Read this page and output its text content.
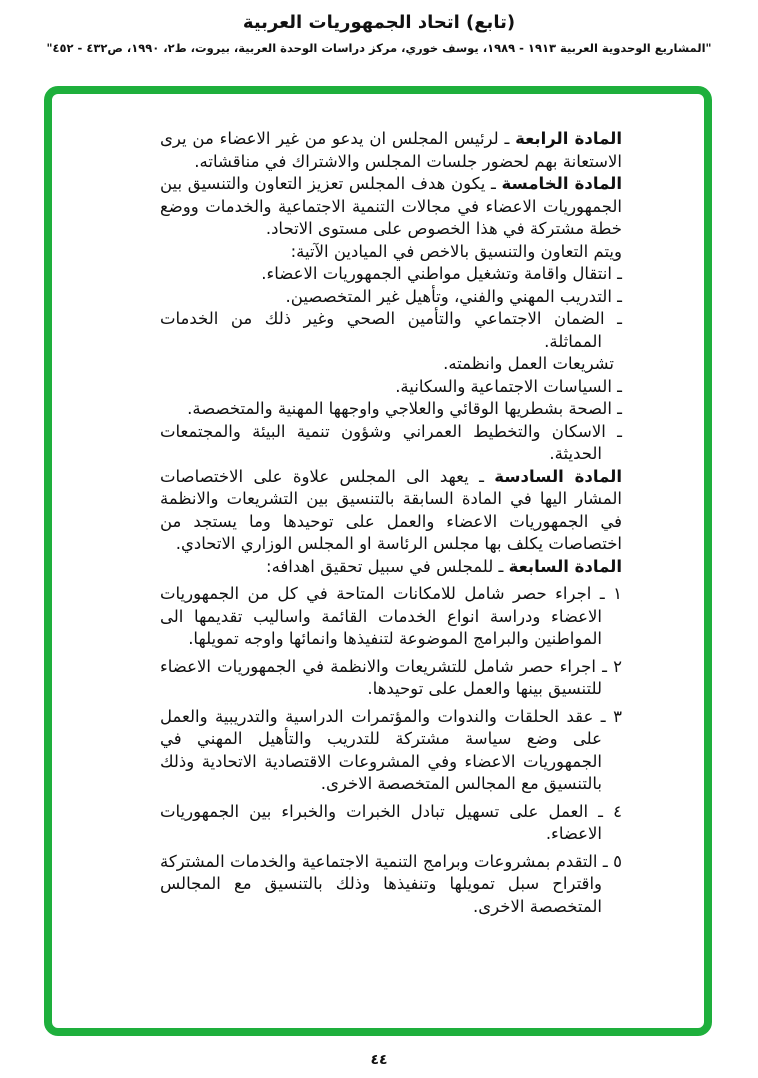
(تابع) اتحاد الجمهوريات العربية
"المشاريع الوحدوية العربية ١٩١٣ - ١٩٨٩، يوسف خوري، مركز دراسات الوحدة العربية، بيروت، ط٢، ١٩٩٠، ص٤٣٢ - ٤٥٢"
المادة الرابعة ـ لرئيس المجلس ان يدعو من غير الاعضاء من يرى الاستعانة بهم لحضور جلسات المجلس والاشتراك في مناقشاته.
المادة الخامسة ـ يكون هدف المجلس تعزيز التعاون والتنسيق بين الجمهوريات الاعضاء في مجالات التنمية الاجتماعية والخدمات ووضع خطة مشتركة في هذا الخصوص على مستوى الاتحاد.
ويتم التعاون والتنسيق بالاخص في الميادين الآتية:
ـ انتقال واقامة وتشغيل مواطني الجمهوريات الاعضاء.
ـ التدريب المهني والفني، وتأهيل غير المتخصصين.
ـ الضمان الاجتماعي والتأمين الصحي وغير ذلك من الخدمات المماثلة.
تشريعات العمل وانظمته.
ـ السياسات الاجتماعية والسكانية.
ـ الصحة بشطريها الوقائي والعلاجي واوجهها المهنية والمتخصصة.
ـ الاسكان والتخطيط العمراني وشؤون تنمية البيئة والمجتمعات الحديثة.
المادة السادسة ـ يعهد الى المجلس علاوة على الاختصاصات المشار اليها في المادة السابقة بالتنسيق بين التشريعات والانظمة في الجمهوريات الاعضاء والعمل على توحيدها وما يستجد من اختصاصات يكلف بها مجلس الرئاسة او المجلس الوزاري الاتحادي.
المادة السابعة ـ للمجلس في سبيل تحقيق اهدافه:
١ ـ اجراء حصر شامل للامكانات المتاحة في كل من الجمهوريات الاعضاء ودراسة انواع الخدمات القائمة واساليب تقديمها الى المواطنين والبرامج الموضوعة لتنفيذها وانمائها واوجه تمويلها.
٢ ـ اجراء حصر شامل للتشريعات والانظمة في الجمهوريات الاعضاء للتنسيق بينها والعمل على توحيدها.
٣ ـ عقد الحلقات والندوات والمؤتمرات الدراسية والتدريبية والعمل على وضع سياسة مشتركة للتدريب والتأهيل المهني في الجمهوريات الاعضاء وفي المشروعات الاقتصادية الاتحادية وذلك بالتنسيق مع المجالس المتخصصة الاخرى.
٤ ـ العمل على تسهيل تبادل الخبرات والخبراء بين الجمهوريات الاعضاء.
٥ ـ التقدم بمشروعات وبرامج التنمية الاجتماعية والخدمات المشتركة واقتراح سبل تمويلها وتنفيذها وذلك بالتنسيق مع المجالس المتخصصة الاخرى.
٤٤
